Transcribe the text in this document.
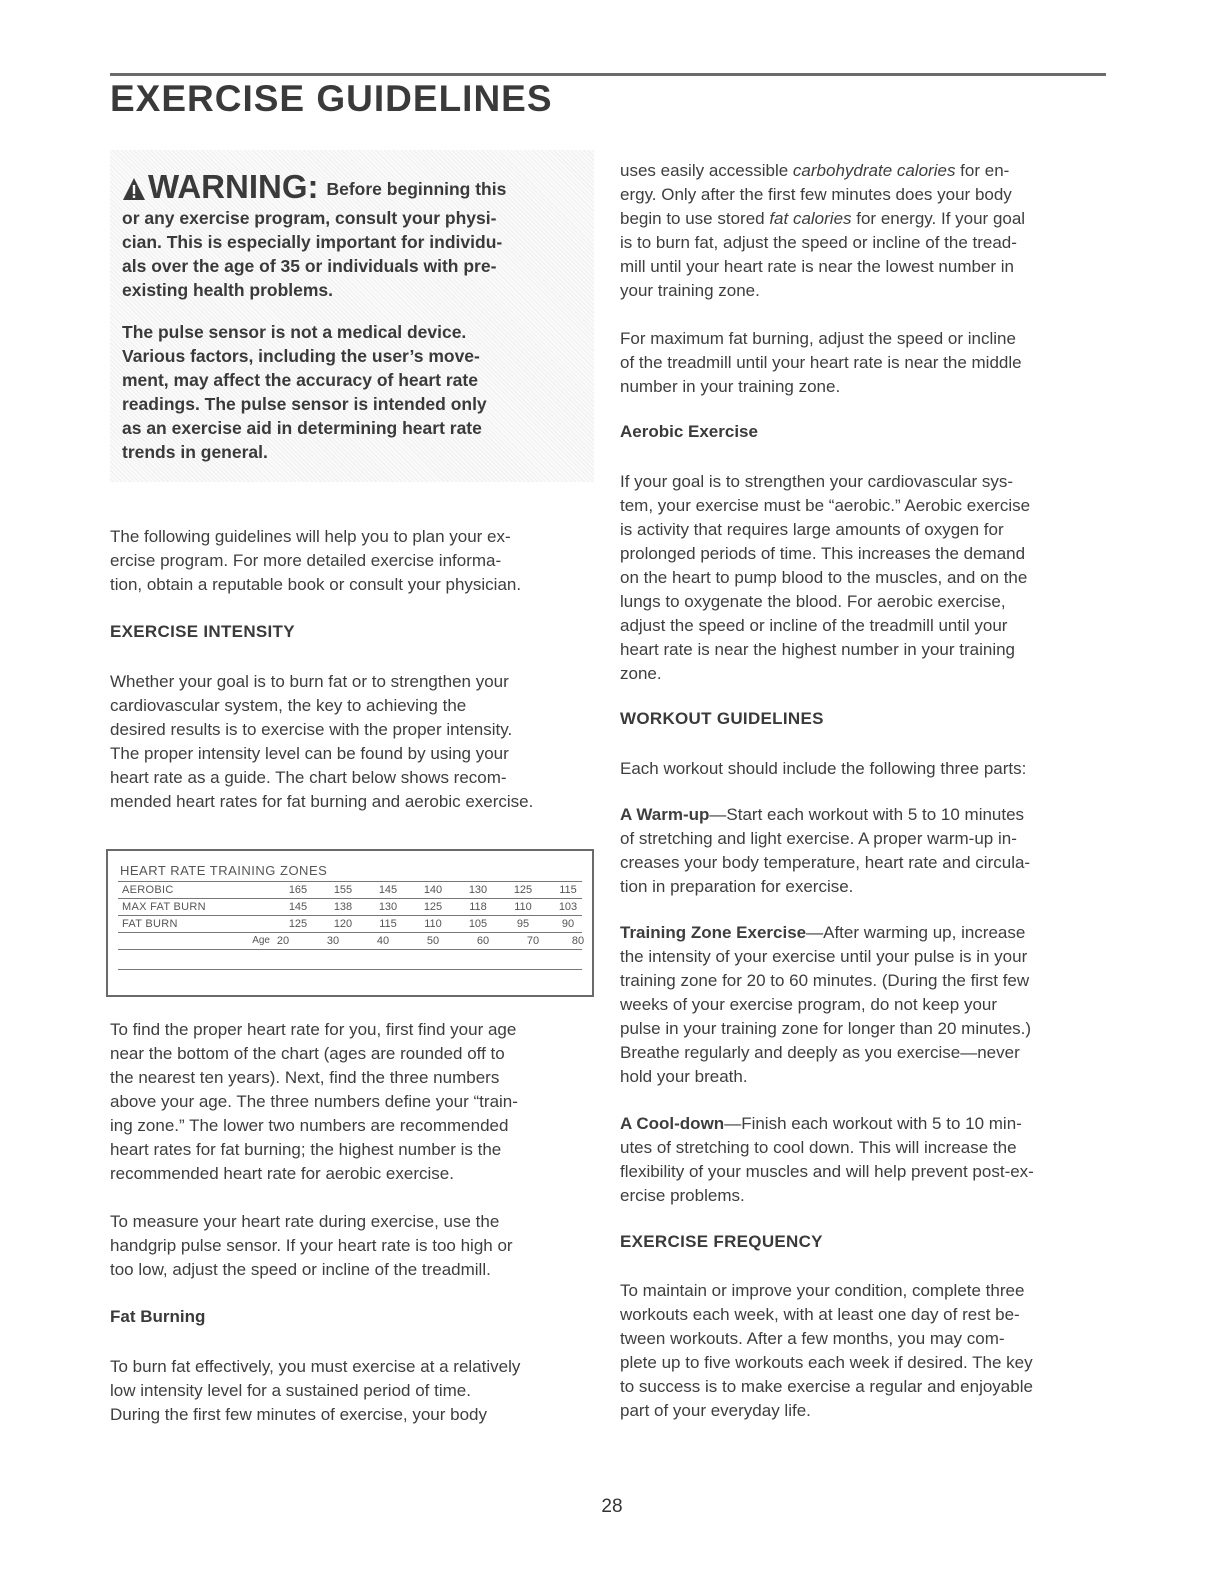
EXERCISE GUIDELINES
WARNING: Before beginning this
or any exercise program, consult your physi-
cian. This is especially important for individu-
als over the age of 35 or individuals with pre-
existing health problems.
The pulse sensor is not a medical device.
Various factors, including the user’s move-
ment, may affect the accuracy of heart rate
readings. The pulse sensor is intended only
as an exercise aid in determining heart rate
trends in general.
The following guidelines will help you to plan your ex-
ercise program. For more detailed exercise informa-
tion, obtain a reputable book or consult your physician.
EXERCISE INTENSITY
Whether your goal is to burn fat or to strengthen your
cardiovascular system, the key to achieving the
desired results is to exercise with the proper intensity.
The proper intensity level can be found by using your
heart rate as a guide. The chart below shows recom-
mended heart rates for fat burning and aerobic exercise.
HEART RATE TRAINING ZONES
AEROBIC	165	155	145	140	130	125	115
MAX FAT BURN	145	138	130	125	118	110	103
FAT BURN	125	120	115	110	105	95	90
Age 20	30	40	50	60	70	80
To find the proper heart rate for you, first find your age
near the bottom of the chart (ages are rounded off to
the nearest ten years). Next, find the three numbers
above your age. The three numbers define your “train-
ing zone.” The lower two numbers are recommended
heart rates for fat burning; the highest number is the
recommended heart rate for aerobic exercise.
To measure your heart rate during exercise, use the
handgrip pulse sensor. If your heart rate is too high or
too low, adjust the speed or incline of the treadmill.
Fat Burning
To burn fat effectively, you must exercise at a relatively
low intensity level for a sustained period of time.
During the first few minutes of exercise, your body
uses easily accessible carbohydrate calories for en-
ergy. Only after the first few minutes does your body
begin to use stored fat calories for energy. If your goal
is to burn fat, adjust the speed or incline of the tread-
mill until your heart rate is near the lowest number in
your training zone.
For maximum fat burning, adjust the speed or incline
of the treadmill until your heart rate is near the middle
number in your training zone.
Aerobic Exercise
If your goal is to strengthen your cardiovascular sys-
tem, your exercise must be “aerobic.” Aerobic exercise
is activity that requires large amounts of oxygen for
prolonged periods of time. This increases the demand
on the heart to pump blood to the muscles, and on the
lungs to oxygenate the blood. For aerobic exercise,
adjust the speed or incline of the treadmill until your
heart rate is near the highest number in your training
zone.
WORKOUT GUIDELINES
Each workout should include the following three parts:
A Warm-up—Start each workout with 5 to 10 minutes
of stretching and light exercise. A proper warm-up in-
creases your body temperature, heart rate and circula-
tion in preparation for exercise.
Training Zone Exercise—After warming up, increase
the intensity of your exercise until your pulse is in your
training zone for 20 to 60 minutes. (During the first few
weeks of your exercise program, do not keep your
pulse in your training zone for longer than 20 minutes.)
Breathe regularly and deeply as you exercise—never
hold your breath.
A Cool-down—Finish each workout with 5 to 10 min-
utes of stretching to cool down. This will increase the
flexibility of your muscles and will help prevent post-ex-
ercise problems.
EXERCISE FREQUENCY
To maintain or improve your condition, complete three
workouts each week, with at least one day of rest be-
tween workouts. After a few months, you may com-
plete up to five workouts each week if desired. The key
to success is to make exercise a regular and enjoyable
part of your everyday life.
28
